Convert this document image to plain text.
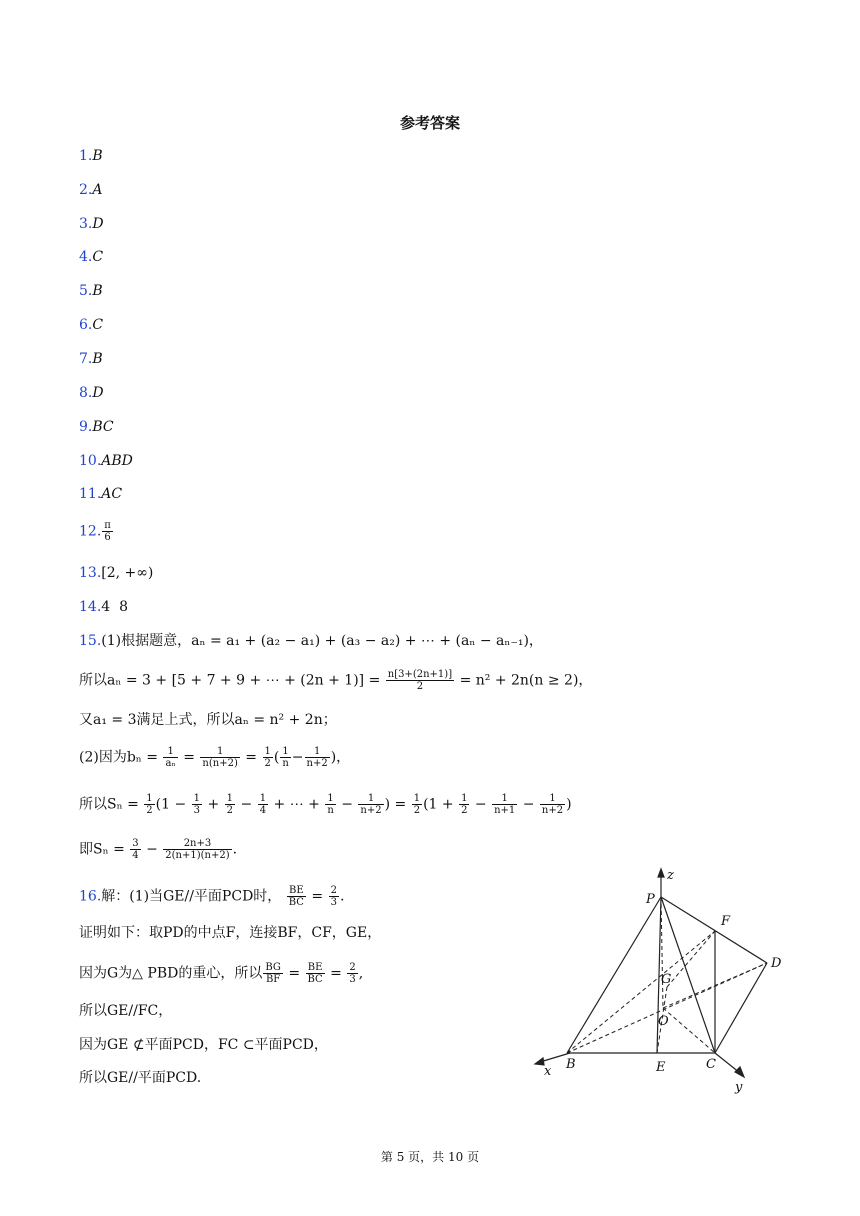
参考答案
1.B
2.A
3.D
4.C
5.B
6.C
7.B
8.D
9.BC
10.ABD
11.AC
12. $\frac{\pi}{6}$
13.[2, +∞)
14.4  8
15.(1)根据题意，aₙ = a₁ + (a₂ − a₁) + (a₃ − a₂) + ⋯ + (aₙ − aₙ₋₁)，
所以aₙ = 3 + [5 + 7 + 9 + ⋯ + $(2n + 1)] = \frac{n[3+(2n+1)]}{2} = n^2 + 2n(n \ge 2)$，
又a₁ = 3满足上式，所以aₙ = n² + 2n；
(2)因为$b_n = \frac{1}{\text{aₙ}} = \frac{1}{n(n+2)} = \frac{1}{2}$ ( $\frac{1}{n} - \frac{1}{n+2}$ )，
所以$S_n = \frac{1}{2} (1 - \frac{1}{3} + \frac{1}{2} - \frac{1}{4}$ + ⋯ + $\frac{1}{n} - \frac{1}{n+2}$ ) = $\frac{1}{2} (1 + \frac{1}{2} - \frac{1}{n+1} - \frac{1}{n+2}$ )
即$S_n = \frac{3}{4} - \frac{2n+3}{2(n+1)(n+2)}$ .
16.解：(1)当GE//平面PCD时， $\frac{BE}{BC} = \frac{2}{3}$ .
证明如下：取PD的中点F，连接BF，CF，GE，
因为G为△ PBD的重心，所以 $\frac{BG}{BF} = \frac{BE}{BC} = \frac{2}{3}$ ,
所以GE//FC，
因为GE ⊄平面PCD，FC ⊂平面PCD，
所以GE//平面PCD.
z
P
F
D
G
O
B	E	C
x
y
第 5 页，共 10 页
